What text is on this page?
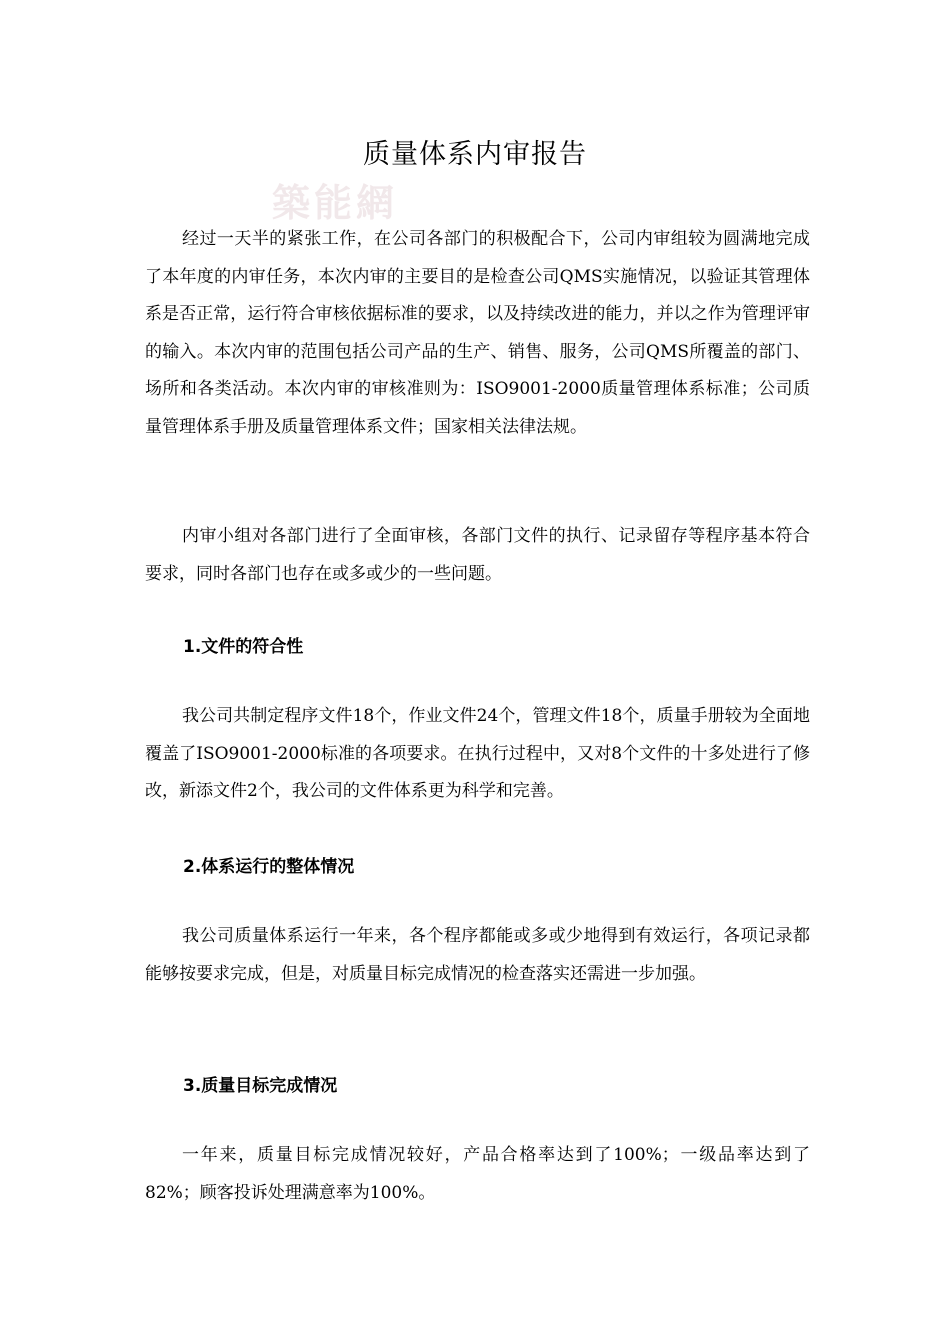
质量体系内审报告
築能網

经过一天半的紧张工作，在公司各部门的积极配合下，公司内审组较为圆满地完成了本年度的内审任务，本次内审的主要目的是检查公司QMS实施情况，以验证其管理体系是否正常，运行符合审核依据标准的要求，以及持续改进的能力，并以之作为管理评审的输入。本次内审的范围包括公司产品的生产、销售、服务，公司QMS所覆盖的部门、场所和各类活动。本次内审的审核准则为：ISO9001-2000质量管理体系标准；公司质量管理体系手册及质量管理体系文件；国家相关法律法规。

内审小组对各部门进行了全面审核，各部门文件的执行、记录留存等程序基本符合要求，同时各部门也存在或多或少的一些问题。

1.文件的符合性

我公司共制定程序文件18个，作业文件24个，管理文件18个，质量手册较为全面地覆盖了ISO9001-2000标准的各项要求。在执行过程中，又对8个文件的十多处进行了修改，新添文件2个，我公司的文件体系更为科学和完善。

2.体系运行的整体情况

我公司质量体系运行一年来，各个程序都能或多或少地得到有效运行，各项记录都能够按要求完成，但是，对质量目标完成情况的检查落实还需进一步加强。

3.质量目标完成情况

一年来，质量目标完成情况较好，产品合格率达到了100%；一级品率达到了82%；顾客投诉处理满意率为100%。
